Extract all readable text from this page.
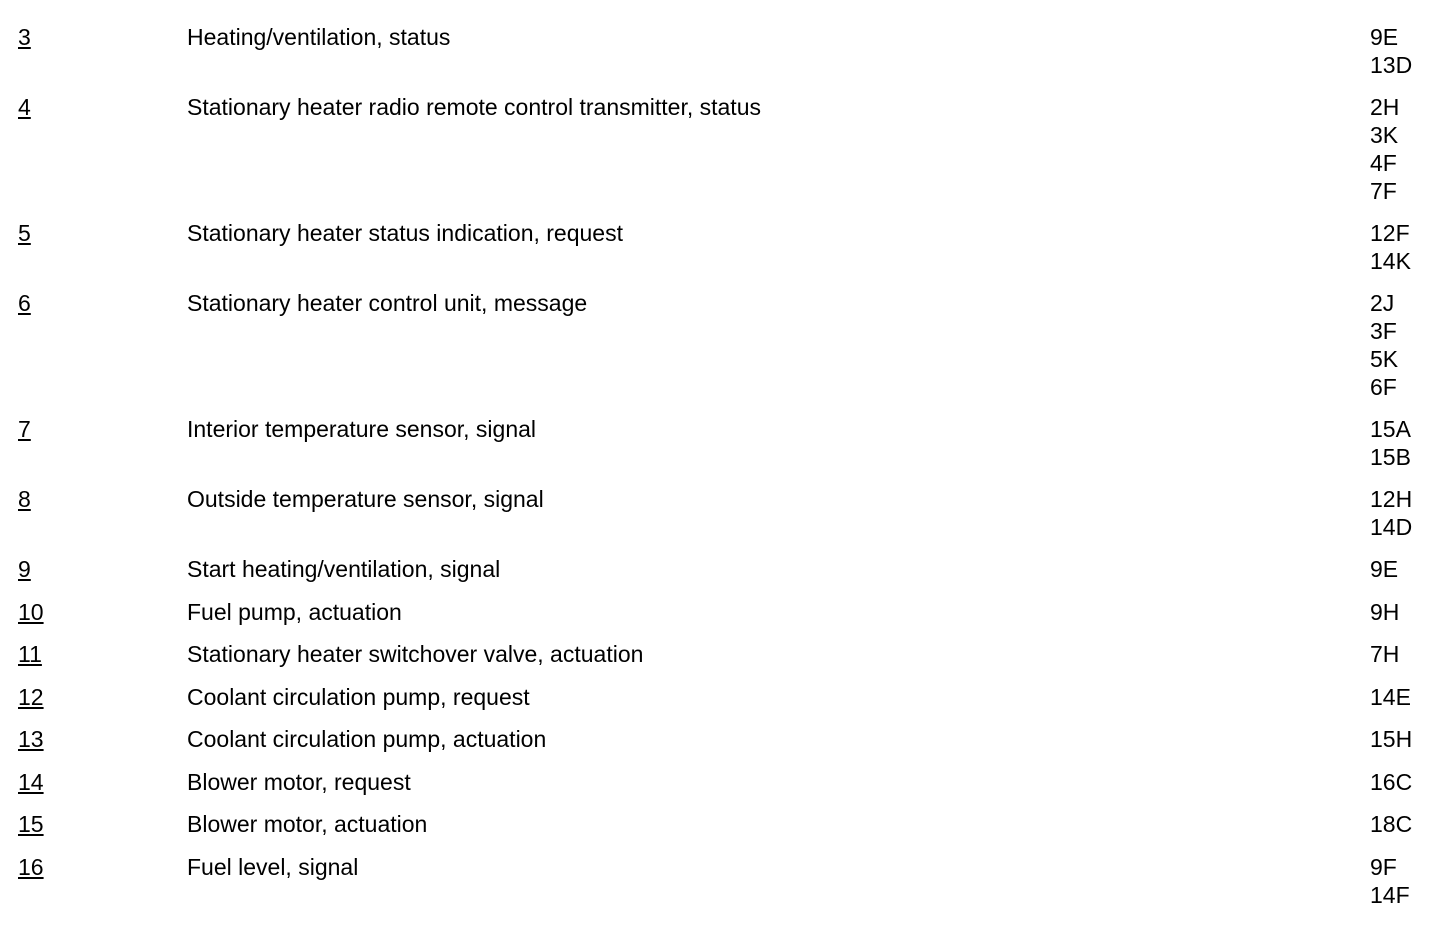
3	Heating/ventilation, status	9E
13D
4	Stationary heater radio remote control transmitter, status	2H
3K
4F
7F
5	Stationary heater status indication, request	12F
14K
6	Stationary heater control unit, message	2J
3F
5K
6F
7	Interior temperature sensor, signal	15A
15B
8	Outside temperature sensor, signal	12H
14D
9	Start heating/ventilation, signal	9E
10	Fuel pump, actuation	9H
11	Stationary heater switchover valve, actuation	7H
12	Coolant circulation pump, request	14E
13	Coolant circulation pump, actuation	15H
14	Blower motor, request	16C
15	Blower motor, actuation	18C
16	Fuel level, signal	9F
14F
